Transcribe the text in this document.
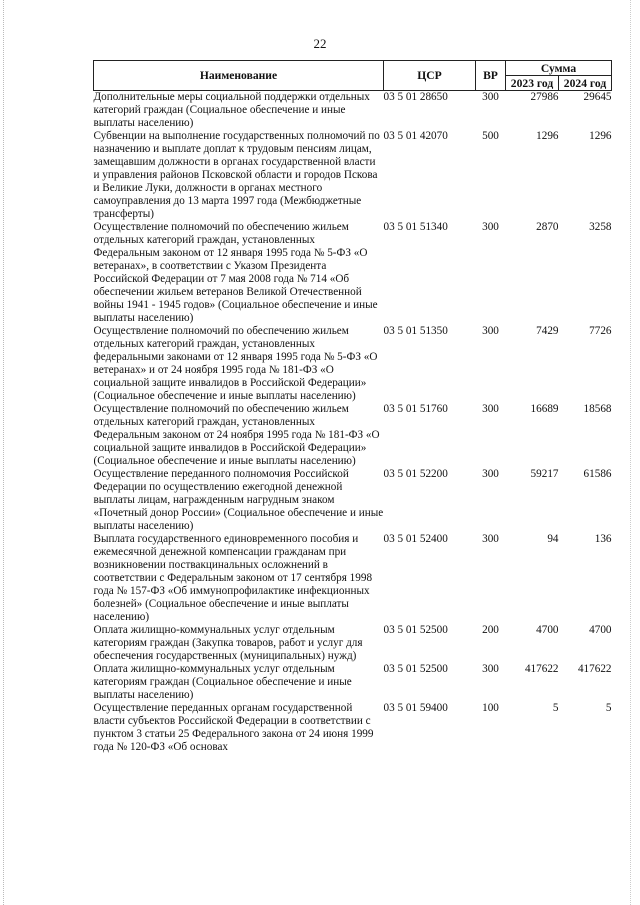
22
Наименование	ЦСР	ВР	Сумма	
			2023 год	2024 год
Дополнительные меры социальной поддержки отдельных категорий граждан (Социальное обеспечение и иные выплаты населению)	03 5 01 28650	300	27986	29645
Субвенции на выполнение государственных полномочий по назначению и выплате доплат к трудовым пенсиям лицам, замещавшим должности в органах государственной власти и управления районов Псковской области и городов Пскова и Великие Луки, должности в органах местного самоуправления до 13 марта 1997 года (Межбюджетные трансферты)	03 5 01 42070	500	1296	1296
Осуществление полномочий по обеспечению жильем отдельных категорий граждан, установленных Федеральным законом от 12 января 1995 года № 5-ФЗ «О ветеранах», в соответствии с Указом Президента Российской Федерации от 7 мая 2008 года № 714 «Об обеспечении жильем ветеранов Великой Отечественной войны 1941 - 1945 годов» (Социальное обеспечение и иные выплаты населению)	03 5 01 51340	300	2870	3258
Осуществление полномочий по обеспечению жильем отдельных категорий граждан, установленных федеральными законами от 12 января 1995 года № 5-ФЗ «О ветеранах» и от 24 ноября 1995 года № 181-ФЗ «О социальной защите инвалидов в Российской Федерации» (Социальное обеспечение и иные выплаты населению)	03 5 01 51350	300	7429	7726
Осуществление полномочий по обеспечению жильем отдельных категорий граждан, установленных Федеральным законом от 24 ноября 1995 года № 181-ФЗ «О социальной защите инвалидов в Российской Федерации» (Социальное обеспечение и иные выплаты населению)	03 5 01 51760	300	16689	18568
Осуществление переданного полномочия Российской Федерации по осуществлению ежегодной денежной выплаты лицам, награжденным нагрудным знаком «Почетный донор России» (Социальное обеспечение и иные выплаты населению)	03 5 01 52200	300	59217	61586
Выплата государственного единовременного пособия и ежемесячной денежной компенсации гражданам при возникновении поствакцинальных осложнений в соответствии с Федеральным законом от 17 сентября 1998 года № 157-ФЗ «Об иммунопрофилактике инфекционных болезней» (Социальное обеспечение и иные выплаты населению)	03 5 01 52400	300	94	136
Оплата жилищно-коммунальных услуг отдельным категориям граждан (Закупка товаров, работ и услуг для обеспечения государственных (муниципальных) нужд)	03 5 01 52500	200	4700	4700
Оплата жилищно-коммунальных услуг отдельным категориям граждан (Социальное обеспечение и иные выплаты населению)	03 5 01 52500	300	417622	417622
Осуществление переданных органам государственной власти субъектов Российской Федерации в соответствии с пунктом 3 статьи 25 Федерального закона от 24 июня 1999 года № 120-ФЗ «Об основах	03 5 01 59400	100	5	5
